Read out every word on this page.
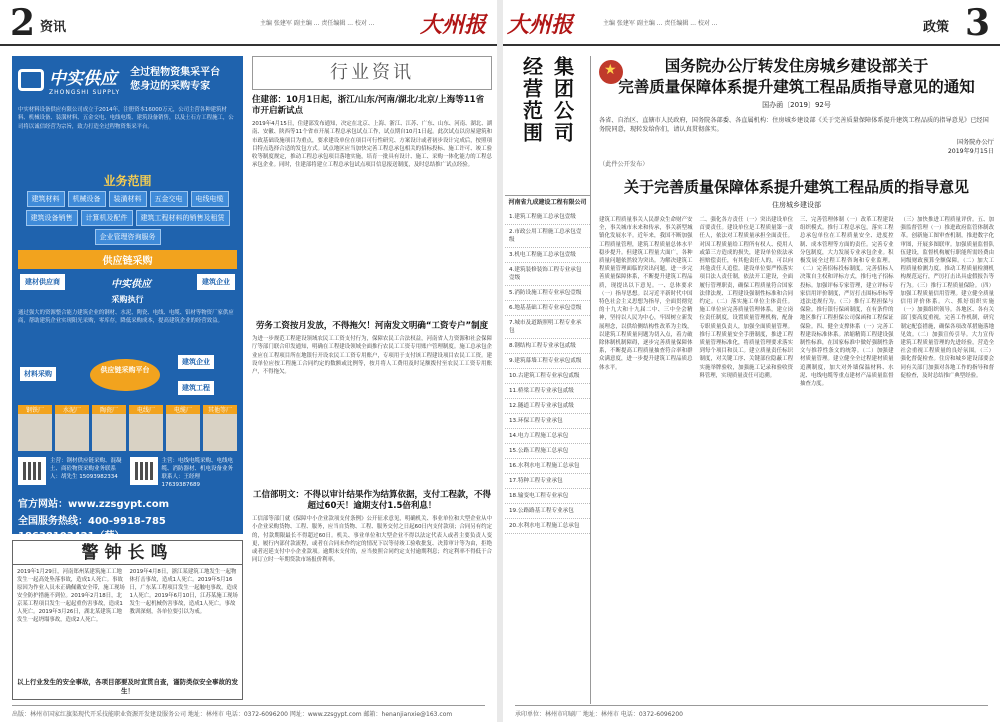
2 资讯	主编 张建军 副主编 ... 责任编辑 ... 校对 ... 大州报
中实供应
ZHONGSHI SUPPLY
全过程物资集采平台
您身边的采购专家
中实材料设备供应有限公司成立于2014年，注册资本16000万元，公司主营各种建筑材料、机械设备、装潢材料、五金交电、电线电缆、建筑设备销售，以及土石方工程施工，公司将以诚信经营为宗旨，致力打造全过程物资集采平台。
业务范围
建筑材料	机械设备	装潢材料	五金交电	电线电缆
建筑设备销售	计算机及配件	建筑工程材料的销售及租赁
企业管理咨询服务
供应链采购
建材供应商	中实供应	建筑企业
采购执行
通过强大的资源整合能力建筑企业的钢材、水泥、陶瓷、电线、电缆、铝材等物资厂家供应商，帮助建筑企业实现阳光采购，零库存，降低采购成本，提高建筑企业的经营效益。
材料采购	供应链采购平台
建筑企业
建筑工程
钢铁厂	水泥厂	陶瓷厂	电线厂	电缆厂	其他等厂
主营：钢材供应链采购、混凝土、商砼物资采购业务联系人：胡先生 15093982334
主营：电线电缆采购、电线电缆、消防器材、机电设备业务联系人：王经理 17639387689
官方网站：www.zzsgypt.com
全国服务热线：400-9918-785 18638103421（薛）
警钟长鸣
2019年1月29日，河南郑州某建筑施工工地发生一起高处坠落事故，造成1人死亡。事故原因为作业人员未正确佩戴安全带，施工现场安全防护措施不到位。2019年2月18日，北京某工程项目发生一起起重伤害事故，造成1人死亡。2019年3月26日，湖北某建筑工地发生一起坍塌事故，造成2人死亡。
2019年4月8日，浙江某建筑工地发生一起物体打击事故，造成1人死亡。2019年5月16日，广东某工程项目发生一起触电事故，造成1人死亡。2019年6月10日，江苏某施工现场发生一起机械伤害事故，造成1人死亡。事故教训深刻，各单位要引以为戒。
以上行业发生的安全事故，各项目部要及时宣贯自查，谨防类似安全事故的发生！
行业资讯
住建部：10月1日起，浙江/山东/河南/湖北/北京/上海等11省市开启新试点
2019年4月15日，住建部发布通知，决定在北京、上海、浙江、江苏、广东、山东、河南、湖北、湖南、安徽、陕西等11个省市开展工程总承包试点工作，试点期自10月1日起。此次试点以房屋建筑和市政基础设施项目为重点，要求建设单位在项目可行性研究、方案设计或者初步设计完成后，按照项目特点选择合适的发包方式。试点地区应当加快完善工程总承包相关的招标投标、施工许可、竣工验收等制度规定，推动工程总承包项目落地实施，培育一批具有设计、施工、采购一体化能力的工程总承包企业。同时，住建部将建立工程总承包试点项目信息报送制度，及时总结推广试点经验。
劳务工资按月发放，不得拖欠！河南发文明确“工资专户”制度
为进一步规范工程建设领域农民工工资支付行为，保障农民工合法权益，河南省人力资源和社会保障厅等部门联合印发通知，明确在工程建设领域全面推行农民工工资专用账户管理制度。施工总承包企业应在工程项目所在地银行开设农民工工资专用账户，专项用于支付该工程建设项目农民工工资。建设单位应按工程施工合同约定的数额或比例等，按月将人工费用及时足额拨付至农民工工资专用账户，不得拖欠。
工信部明文：不得以审计结果作为结算依据，支付工程款，不得超过60天！逾期支付1.5倍利息！
工信部等部门就《保障中小企业款项支付条例》公开征求意见，明确机关、事业单位和大型企业从中小企业采购货物、工程、服务，应当自货物、工程、服务交付之日起60日内支付款项；合同另有约定的，付款期限最长不得超过60日。机关、事业单位和大型企业不得以法定代表人或者主要负责人变更，履行内部付款流程，或者在合同未作约定的情况下以等待竣工验收批复、决算审计等为由，拒绝或者迟延支付中小企业款项。逾期未支付的，应当按照合同约定支付逾期利息；约定利率不得低于合同订立时一年期贷款市场报价利率。
出版：林州市国家红旗渠现代开采技能职业资源开发建设服务公司 地址：林州市 电话：0372-6096200 网址：www.zzsgypt.com 邮箱：henanjianxie@163.com
大州报	主编 张建军 副主编 ... 责任编辑 ... 校对 ...	政策 3
经营范围 集团公司
河南省九成建设工程有限公司
1.建筑工程施工总承包壹级
2.市政公用工程施工总承包壹级
3.机电工程施工总承包壹级
4.建筑装修装饰工程专业承包壹级
5.消防设施工程专业承包壹级
6.地基基础工程专业承包壹级
7.城市及道路照明工程专业承包
8.钢结构工程专业承包贰级
9.建筑幕墙工程专业承包贰级
10.古建筑工程专业承包贰级
11.桥梁工程专业承包贰级
12.隧道工程专业承包贰级
13.环保工程专业承包
14.电力工程施工总承包
15.公路工程施工总承包
16.水利水电工程施工总承包
17.特种工程专业承包
18.输变电工程专业承包
19.公路路基工程专业承包
20.水利水电工程施工总承包
★
国务院办公厅转发住房城乡建设部关于
完善质量保障体系提升建筑工程品质指导意见的通知
国办函〔2019〕92号
各省、自治区、直辖市人民政府，国务院各部委、各直属机构：住房城乡建设部《关于完善质量保障体系提升建筑工程品质的指导意见》已经国务院同意，现转发给你们，请认真贯彻落实。
国务院办公厅
2019年9月15日
（此件公开发布）
关于完善质量保障体系提升建筑工程品质的指导意见
住房城乡建设部
建筑工程质量事关人民群众生命财产安全，事关城市未来和传承，事关新型城镇化发展水平。近年来，我国不断加强工程质量管理，建筑工程质量总体水平稳步提升。但建筑工程量大面广，各种质量问题依然较为突出。为解决建筑工程质量管理面临的突出问题，进一步完善质量保障体系，不断提升建筑工程品质，现提出以下意见。一、总体要求（一）指导思想。以习近平新时代中国特色社会主义思想为指导，全面贯彻党的十九大和十九届二中、三中全会精神，坚持以人民为中心，牢固树立新发展理念，以供给侧结构性改革为主线，以建筑工程质量问题为切入点，着力破除体制机制障碍，逐步完善质量保障体系，不断提高工程质量抽查符合率和群众满意度，进一步提升建筑工程品质总体水平。
二、强化各方责任（一）突出建设单位首要责任。建设单位是工程质量第一责任人，依法对工程质量承担全面责任。对因工程质量给工程所有权人、使用人或第三方造成的损失，建设单位依法承担赔偿责任，有其他责任人的，可以向其他责任人追偿。建设单位要严格落实项目法人责任制，依法开工建设，全面履行管理职责，确保工程质量符合国家法律法规、工程建设强制性标准和合同约定。（二）落实施工单位主体责任。施工单位应完善质量管理体系，建立岗位责任制度，设置质量管理机构，配备专职质量负责人，加强全面质量管理。推行工程质量安全手册制度，推进工程质量管理标准化，将质量管理要求落实到每个项目和员工。建立质量责任标识制度，对关键工序、关键部位隐蔽工程实施举牌验收，加强施工记录和验收资料管理，实现质量责任可追溯。
三、完善管理体制（一）改革工程建设组织模式。推行工程总承包，落实工程总承包单位在工程质量安全、进度控制、成本管理等方面的责任。完善专业分包制度，大力发展专业承包企业。积极发展全过程工程咨询和专业监理。（二）完善招标投标制度。完善招标人决策自主权和评标方式，推行电子招标投标。加强评标专家管理，建立评标专家信用评价制度，严厉打击围标串标等违法违规行为。（三）推行工程担保与保险。推行银行保函制度，在有条件的地区推行工程担保公司保函和工程保证保险。四、健全支撑体系（一）完善工程建设标准体系。浓缩精简工程建设强制性标准，在国家标准中做好强制性条文与推荐性条文的统筹。（二）加强建材质量管理。建立健全全过程建材质量追溯制度，加大对外墙保温材料、水泥、电线电缆等重点建材产品质量监督抽查力度。
（三）加快推进工程质量评价。五、加强监督管理（一）推进政府监管体制改革。创新施工图审查机制，推进数字化审图，开展多图联审。加强质量监督队伍建设，监督机构履行职能所需经费由同级财政预算全额保障。（二）加大工程质量检测力度。推动工程质量检测机构规范运行，严厉打击出具虚假报告等行为。（三）推行工程质量保险。（四）加强工程质量信用管理。建立健全质量信用评价体系。六、抓好组织实施（一）加强组织领导。各地区、各有关部门要高度重视，完善工作机制，研究制定配套措施，确保各项改革措施落地见效。（二）加强宣传引导。大力宣传建筑工程质量管理的先进经验，营造全社会重视工程质量的良好氛围。（三）强化督促检查。住房和城乡建设部要会同有关部门加强对各地工作的指导和督促检查，及时总结推广典型经验。
承印单位：林州市印刷厂 地址：林州市 电话：0372-6096200
